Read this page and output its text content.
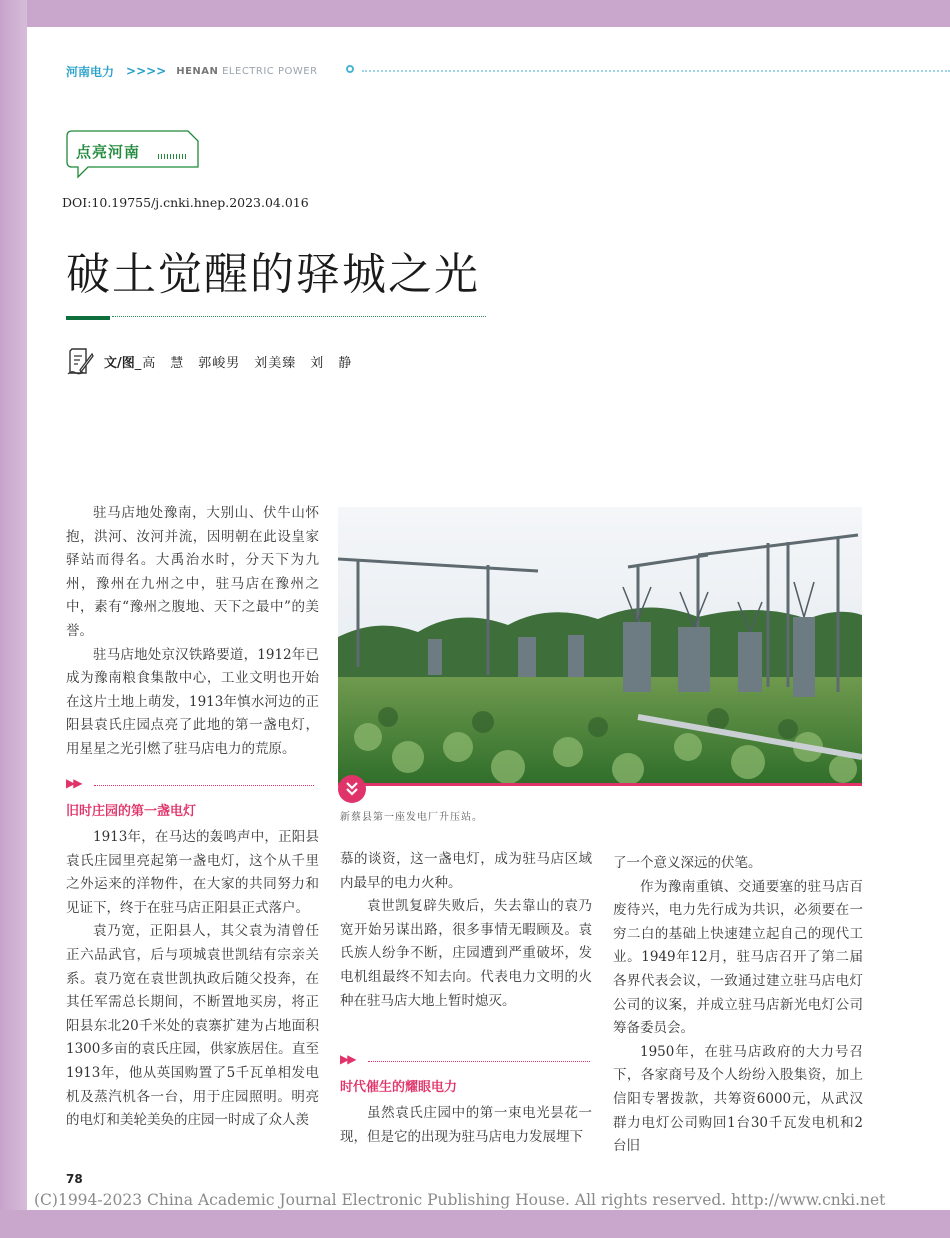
河南电力 >>>> HENAN ELECTRIC POWER
点亮河南
DOI:10.19755/j.cnki.hnep.2023.04.016
破土觉醒的驿城之光
文/图 _高　慧　郭峻男　刘美臻　刘　静

驻马店地处豫南，大别山、伏牛山怀抱，洪河、汝河并流，因明朝在此设皇家驿站而得名。大禹治水时，分天下为九州，豫州在九州之中，驻马店在豫州之中，素有“豫州之腹地、天下之最中”的美誉。

驻马店地处京汉铁路要道，1912年已成为豫南粮食集散中心，工业文明也开始在这片土地上萌发，1913年慎水河边的正阳县袁氏庄园点亮了此地的第一盏电灯，用星星之光引燃了驻马店电力的荒原。

▶▶
旧时庄园的第一盏电灯

1913年，在马达的轰鸣声中，正阳县袁氏庄园里亮起第一盏电灯，这个从千里之外运来的洋物件，在大家的共同努力和见证下，终于在驻马店正阳县正式落户。

袁乃宽，正阳县人，其父袁为清曾任正六品武官，后与项城袁世凯结有宗亲关系。袁乃宽在袁世凯执政后随父投奔，在其任军需总长期间，不断置地买房，将正阳县东北20千米处的袁寨扩建为占地面积1300多亩的袁氏庄园，供家族居住。直至1913年，他从英国购置了5千瓦单相发电机及蒸汽机各一台，用于庄园照明。明亮的电灯和美轮美奂的庄园一时成了众人羡

新蔡县第一座发电厂升压站。

慕的谈资，这一盏电灯，成为驻马店区域内最早的电力火种。

袁世凯复辟失败后，失去靠山的袁乃宽开始另谋出路，很多事情无暇顾及。袁氏族人纷争不断，庄园遭到严重破坏，发电机组最终不知去向。代表电力文明的火种在驻马店大地上暂时熄灭。

▶▶
时代催生的耀眼电力

虽然袁氏庄园中的第一束电光昙花一现，但是它的出现为驻马店电力发展埋下

了一个意义深远的伏笔。

作为豫南重镇、交通要塞的驻马店百废待兴，电力先行成为共识，必须要在一穷二白的基础上快速建立起自己的现代工业。1949年12月，驻马店召开了第二届各界代表会议，一致通过建立驻马店电灯公司的议案，并成立驻马店新光电灯公司筹备委员会。

1950年，在驻马店政府的大力号召下，各家商号及个人纷纷入股集资，加上信阳专署拨款，共筹资6000元，从武汉群力电灯公司购回1台30千瓦发电机和2台旧

78
(C)1994-2023 China Academic Journal Electronic Publishing House. All rights reserved. http://www.cnki.net
